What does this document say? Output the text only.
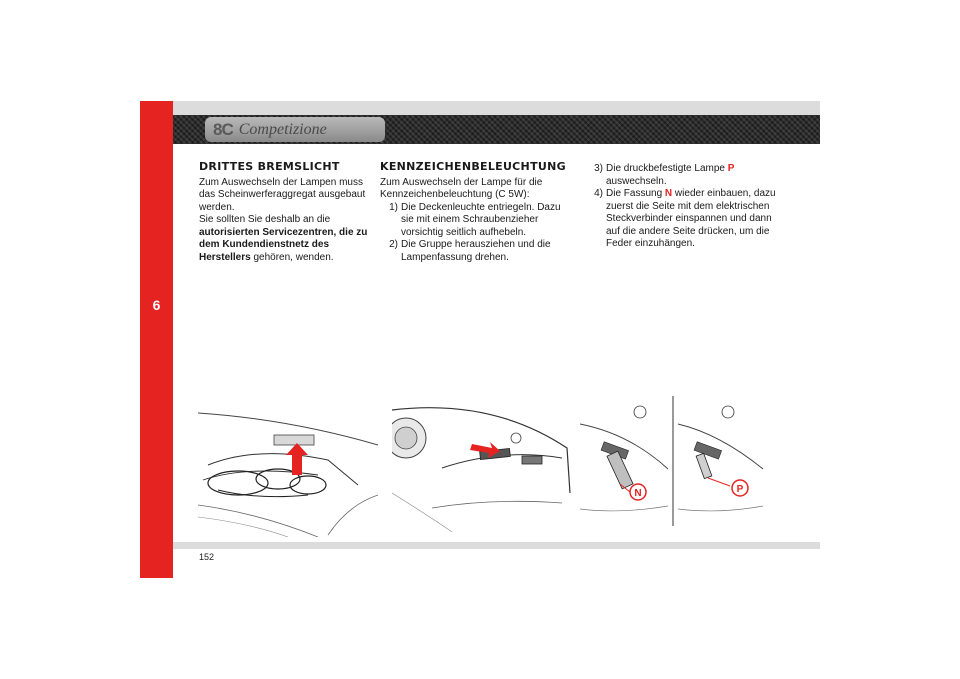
6
8C Competizione
DRITTES BREMSLICHT

Zum Auswechseln der Lampen muss das Scheinwerferaggregat ausgebaut werden.

Sie sollten Sie deshalb an die autorisierten Servicezentren, die zu dem Kundendienstnetz des Herstellers gehören, wenden.

KENNZEICHENBELEUCHTUNG

Zum Auswechseln der Lampe für die Kennzeichenbeleuchtung (C 5W):

1) Die Deckenleuchte entriegeln. Dazu sie mit einem Schraubenzieher vorsichtig seitlich aufhebeln.
2) Die Gruppe herausziehen und die Lampenfassung drehen.
3) Die druckbefestigte Lampe P auswechseln.
4) Die Fassung N wieder einbauen, dazu zuerst die Seite mit dem elektrischen Steckverbinder einspannen und dann auf die andere Seite drücken, um die Feder einzuhängen.
N	P
152
